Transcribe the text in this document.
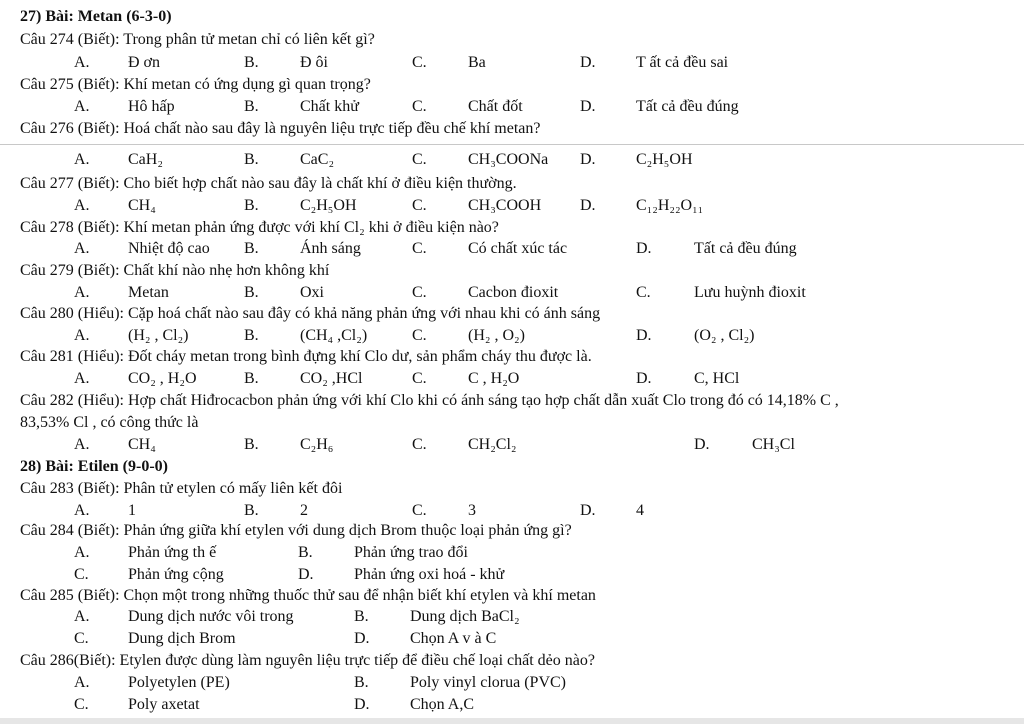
27) Bài: Metan (6-3-0)
Câu 274 (Biết): Trong phân tử metan chỉ có liên kết gì?
A. Đ ơn	B.	Đ ôi	C.	Ba	D.	T ất cả đều sai
Câu 275 (Biết): Khí metan có ứng dụng gì quan trọng?
A. Hô hấp	B.	Chất khử	C.	Chất đốt	D.	Tất cả đều đúng
Câu 276 (Biết): Hoá chất nào sau đây là nguyên liệu trực tiếp đều chế khí metan?
A. CaH₂	B.	CaC₂	C.	CH₃COONa D.	C₂H₅OH
Câu 277 (Biết): Cho biết hợp chất nào sau đây là chất khí ở điều kiện thường.
A. CH₄	B.	C₂H₅OH	C.	CH₃COOH D.	C₁₂H₂₂O₁₁
Câu 278 (Biết): Khí metan phản ứng được với khí Cl₂ khi ở điều kiện nào?
A. Nhiệt độ cao B.	Ánh sáng	C.	Có chất xúc tác	D.	Tất cả đều đúng
Câu 279 (Biết): Chất khí nào nhẹ hơn không khí
A. Metan	B.	Oxi	C.	Cacbon đioxit	C.	Lưu huỳnh đioxit
Câu 280 (Hiểu): Cặp hoá chất nào sau đây có khả năng phản ứng với nhau khi có ánh sáng
A. (H₂ , Cl₂)	B.	(CH₄ ,Cl₂)	C.	(H₂ , O₂)	D.	(O₂ , Cl₂)
Câu 281 (Hiểu): Đốt cháy metan trong bình đựng khí Clo dư, sản phẩm cháy thu được là.
A. CO₂ , H₂O	B.	CO₂ ,HCl	C.	C , H₂O	D.	C, HCl
Câu 282 (Hiểu): Hợp chất Hiđrocacbon phản ứng với khí Clo khi có ánh sáng tạo hợp chất dẫn xuất Clo trong đó có 14,18% C ,
83,53% Cl , có công thức là
A. CH₄	B.	C₂H₆	C.	CH₂Cl₂	D.	CH₃Cl
28) Bài: Etilen (9-0-0)
Câu 283 (Biết): Phân tử etylen có mấy liên kết đôi
A. 1	B.	2	C.	3	D.	4
Câu 284 (Biết): Phản ứng giữa khí etylen với dung dịch Brom thuộc loại phản ứng gì?
A. Phản ứng th ế	B.	Phản ứng trao đổi
C. Phản ứng cộng	D.	Phản ứng oxi hoá - khử
Câu 285 (Biết): Chọn một trong những thuốc thử sau để nhận biết khí etylen và khí metan
A. Dung dịch nước vôi trong	B.	Dung dịch BaCl₂
C. Dung dịch Brom	D.	Chọn A v à C
Câu 286(Biết): Etylen được dùng làm nguyên liệu trực tiếp để điều chế loại chất dẻo nào?
A. Polyetylen (PE)	B.	Poly vinyl clorua (PVC)
C. Poly axetat	D.	Chọn A,C
